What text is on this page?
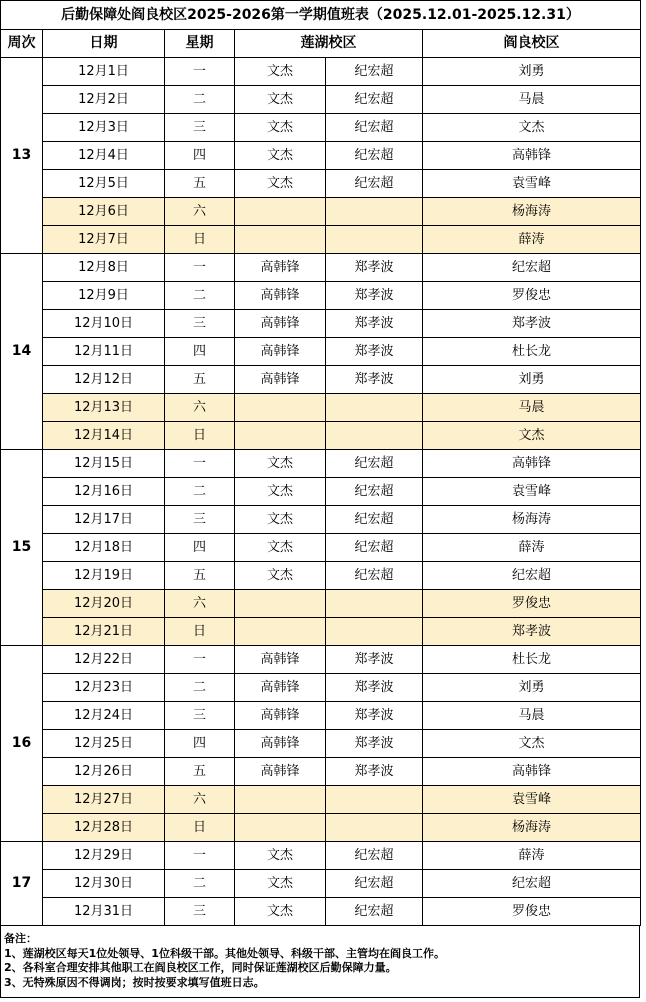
后勤保障处阎良校区2025-2026第一学期值班表（2025.12.01-2025.12.31）					
周次	日期	星期	莲湖校区		阎良校区
13	12月1日	一	文杰	纪宏超	刘勇
	12月2日	二	文杰	纪宏超	马晨
	12月3日	三	文杰	纪宏超	文杰
	12月4日	四	文杰	纪宏超	高韩锋
	12月5日	五	文杰	纪宏超	袁雪峰
	12月6日	六			杨海涛
	12月7日	日			薛涛
14	12月8日	一	高韩锋	郑孝波	纪宏超
	12月9日	二	高韩锋	郑孝波	罗俊忠
	12月10日	三	高韩锋	郑孝波	郑孝波
	12月11日	四	高韩锋	郑孝波	杜长龙
	12月12日	五	高韩锋	郑孝波	刘勇
	12月13日	六			马晨
	12月14日	日			文杰
15	12月15日	一	文杰	纪宏超	高韩锋
	12月16日	二	文杰	纪宏超	袁雪峰
	12月17日	三	文杰	纪宏超	杨海涛
	12月18日	四	文杰	纪宏超	薛涛
	12月19日	五	文杰	纪宏超	纪宏超
	12月20日	六			罗俊忠
	12月21日	日			郑孝波
16	12月22日	一	高韩锋	郑孝波	杜长龙
	12月23日	二	高韩锋	郑孝波	刘勇
	12月24日	三	高韩锋	郑孝波	马晨
	12月25日	四	高韩锋	郑孝波	文杰
	12月26日	五	高韩锋	郑孝波	高韩锋
	12月27日	六			袁雪峰
	12月28日	日			杨海涛
17	12月29日	一	文杰	纪宏超	薛涛
	12月30日	二	文杰	纪宏超	纪宏超
	12月31日	三	文杰	纪宏超	罗俊忠
备注：
1、莲湖校区每天1位处领导、1位科级干部。其他处领导、科级干部、主管均在阎良工作。
2、各科室合理安排其他职工在阎良校区工作，同时保证莲湖校区后勤保障力量。
3、无特殊原因不得调岗；按时按要求填写值班日志。
